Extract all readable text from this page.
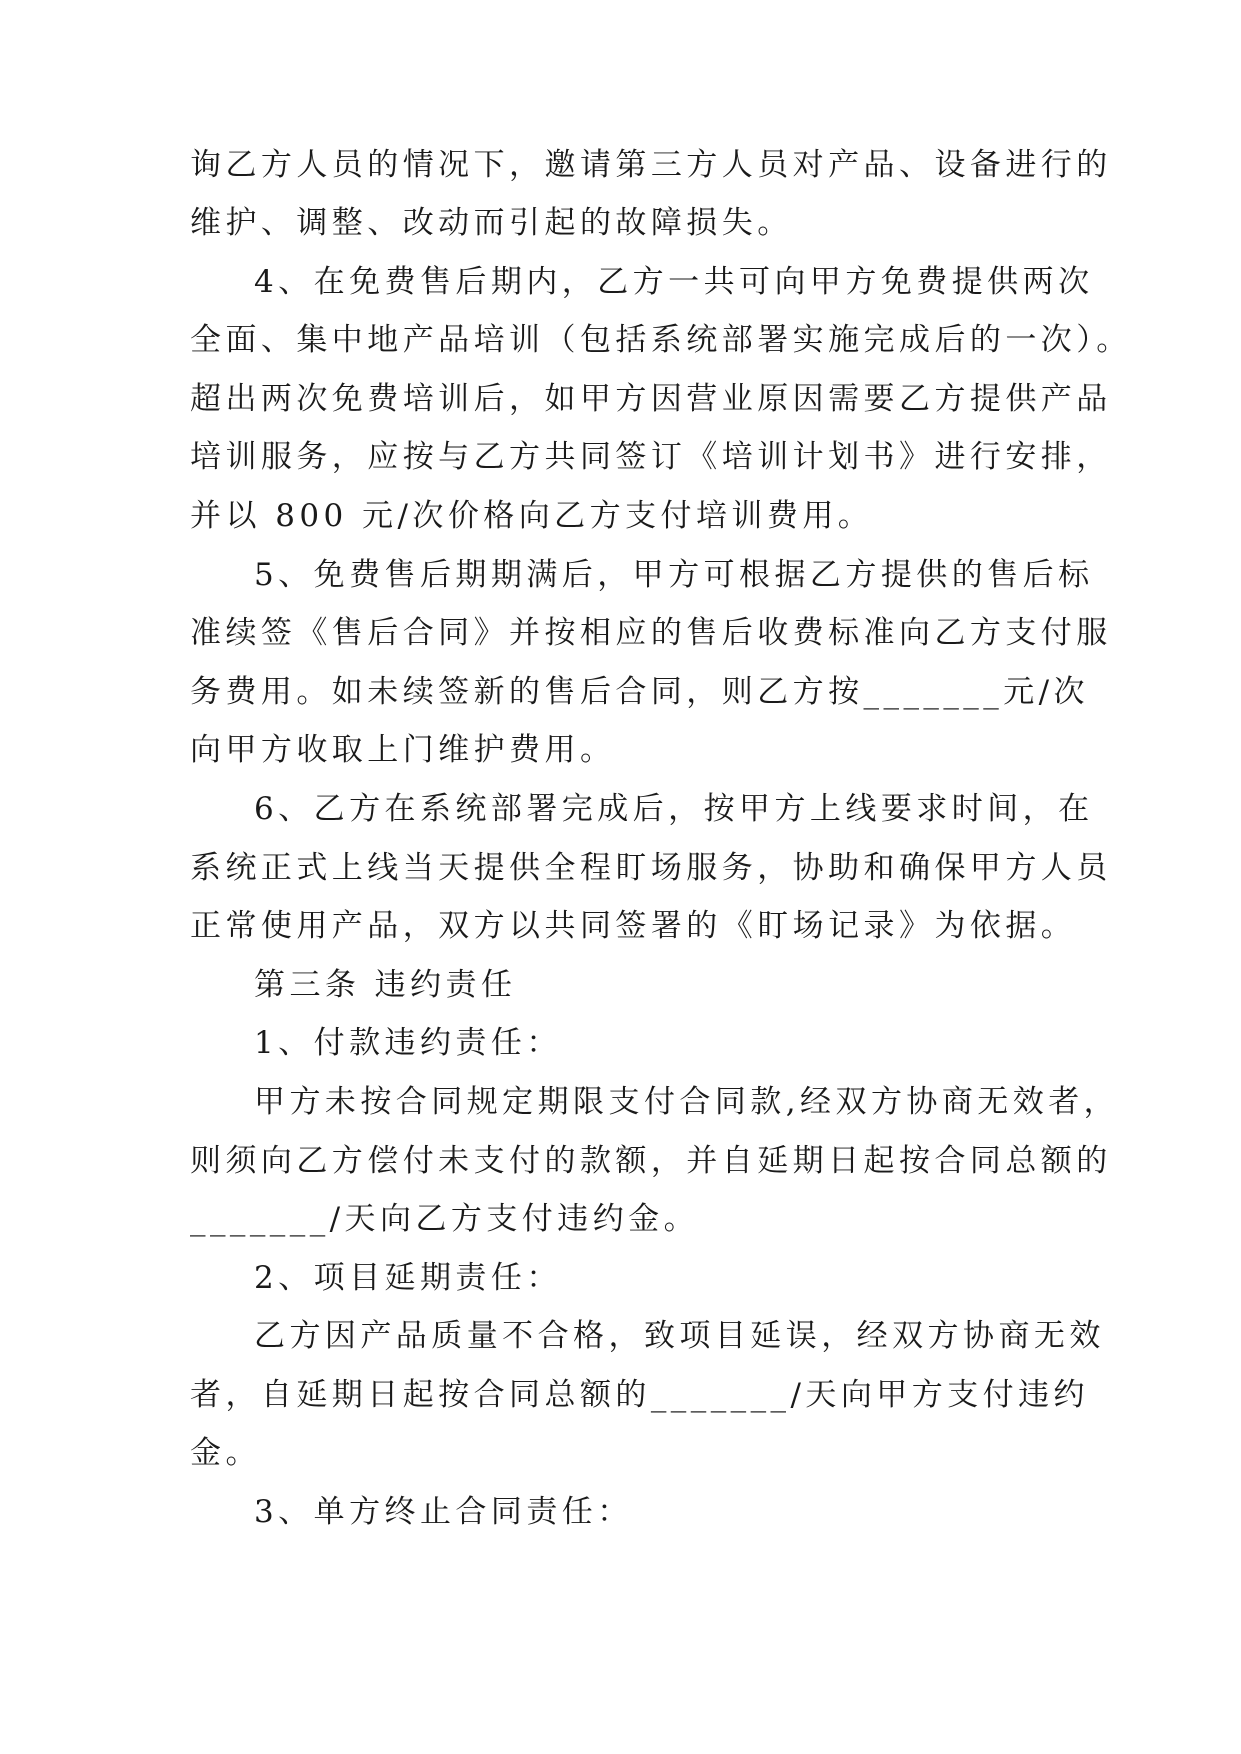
询乙方人员的情况下，邀请第三方人员对产品、设备进行的
维护、调整、改动而引起的故障损失。
4、在免费售后期内，乙方一共可向甲方免费提供两次
全面、集中地产品培训（包括系统部署实施完成后的一次）。
超出两次免费培训后，如甲方因营业原因需要乙方提供产品
培训服务，应按与乙方共同签订《培训计划书》进行安排，
并以 800 元/次价格向乙方支付培训费用。
5、免费售后期期满后，甲方可根据乙方提供的售后标
准续签《售后合同》并按相应的售后收费标准向乙方支付服
务费用。如未续签新的售后合同，则乙方按_______元/次
向甲方收取上门维护费用。
6、乙方在系统部署完成后，按甲方上线要求时间，在
系统正式上线当天提供全程盯场服务，协助和确保甲方人员
正常使用产品，双方以共同签署的《盯场记录》为依据。
第三条 违约责任
1、付款违约责任：
甲方未按合同规定期限支付合同款,经双方协商无效者，
则须向乙方偿付未支付的款额，并自延期日起按合同总额的
_______/天向乙方支付违约金。
2、项目延期责任：
乙方因产品质量不合格，致项目延误，经双方协商无效
者，自延期日起按合同总额的_______/天向甲方支付违约
金。
3、单方终止合同责任：
